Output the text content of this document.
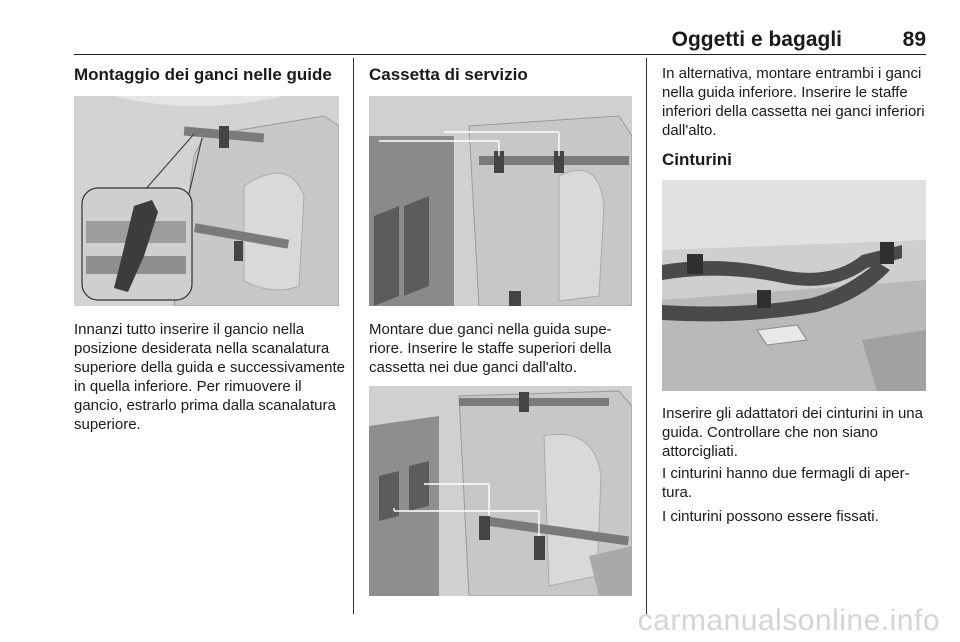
Oggetti e bagagli	89
Montaggio dei ganci nelle guide

Innanzi tutto inserire il gancio nella posizione desiderata nella scanalatura superiore della guida e successivamente in quella inferiore. Per rimuovere il gancio, estrarlo prima dalla scanalatura superiore.

Cassetta di servizio

Montare due ganci nella guida superiore. Inserire le staffe superiori della cassetta nei due ganci dall'alto.

In alternativa, montare entrambi i ganci nella guida inferiore. Inserire le staffe inferiori della cassetta nei ganci inferiori dall'alto.

Cinturini

Inserire gli adattatori dei cinturini in una guida. Controllare che non siano attorcigliati.

I cinturini hanno due fermagli di apertura.

I cinturini possono essere fissati.

carmanualsonline.info
